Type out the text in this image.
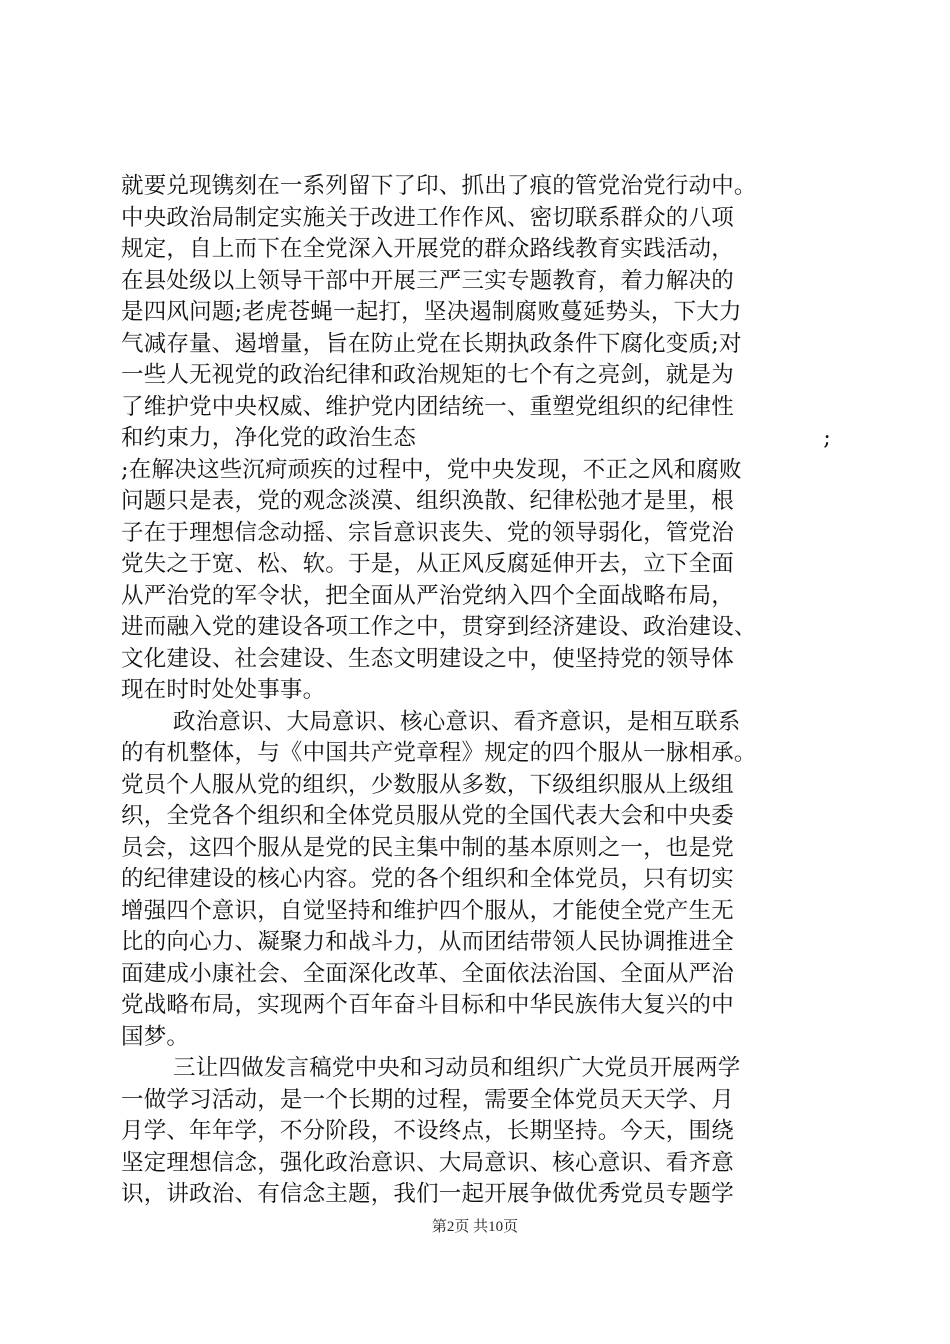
就要兑现镌刻在一系列留下了印、抓出了痕的管党治党行动中。
中央政治局制定实施关于改进工作作风、密切联系群众的八项
规定，自上而下在全党深入开展党的群众路线教育实践活动，
在县处级以上领导干部中开展三严三实专题教育，着力解决的
是四风问题;老虎苍蝇一起打，坚决遏制腐败蔓延势头，下大力
气减存量、遏增量，旨在防止党在长期执政条件下腐化变质;对
一些人无视党的政治纪律和政治规矩的七个有之亮剑，就是为
了维护党中央权威、维护党内团结统一、重塑党组织的纪律性
和约束力，净化党的政治生态	;
;在解决这些沉疴顽疾的过程中，党中央发现，不正之风和腐败
问题只是表，党的观念淡漠、组织涣散、纪律松弛才是里，根
子在于理想信念动摇、宗旨意识丧失、党的领导弱化，管党治
党失之于宽、松、软。于是，从正风反腐延伸开去，立下全面
从严治党的军令状，把全面从严治党纳入四个全面战略布局，
进而融入党的建设各项工作之中，贯穿到经济建设、政治建设、
文化建设、社会建设、生态文明建设之中，使坚持党的领导体
现在时时处处事事。
政治意识、大局意识、核心意识、看齐意识，是相互联系
的有机整体，与《中国共产党章程》规定的四个服从一脉相承。
党员个人服从党的组织，少数服从多数，下级组织服从上级组
织，全党各个组织和全体党员服从党的全国代表大会和中央委
员会，这四个服从是党的民主集中制的基本原则之一，也是党
的纪律建设的核心内容。党的各个组织和全体党员，只有切实
增强四个意识，自觉坚持和维护四个服从，才能使全党产生无
比的向心力、凝聚力和战斗力，从而团结带领人民协调推进全
面建成小康社会、全面深化改革、全面依法治国、全面从严治
党战略布局，实现两个百年奋斗目标和中华民族伟大复兴的中
国梦。
三让四做发言稿党中央和习动员和组织广大党员开展两学
一做学习活动，是一个长期的过程，需要全体党员天天学、月
月学、年年学，不分阶段，不设终点，长期坚持。今天，围绕
坚定理想信念，强化政治意识、大局意识、核心意识、看齐意
识，讲政治、有信念主题，我们一起开展争做优秀党员专题学
第2页 共10页
